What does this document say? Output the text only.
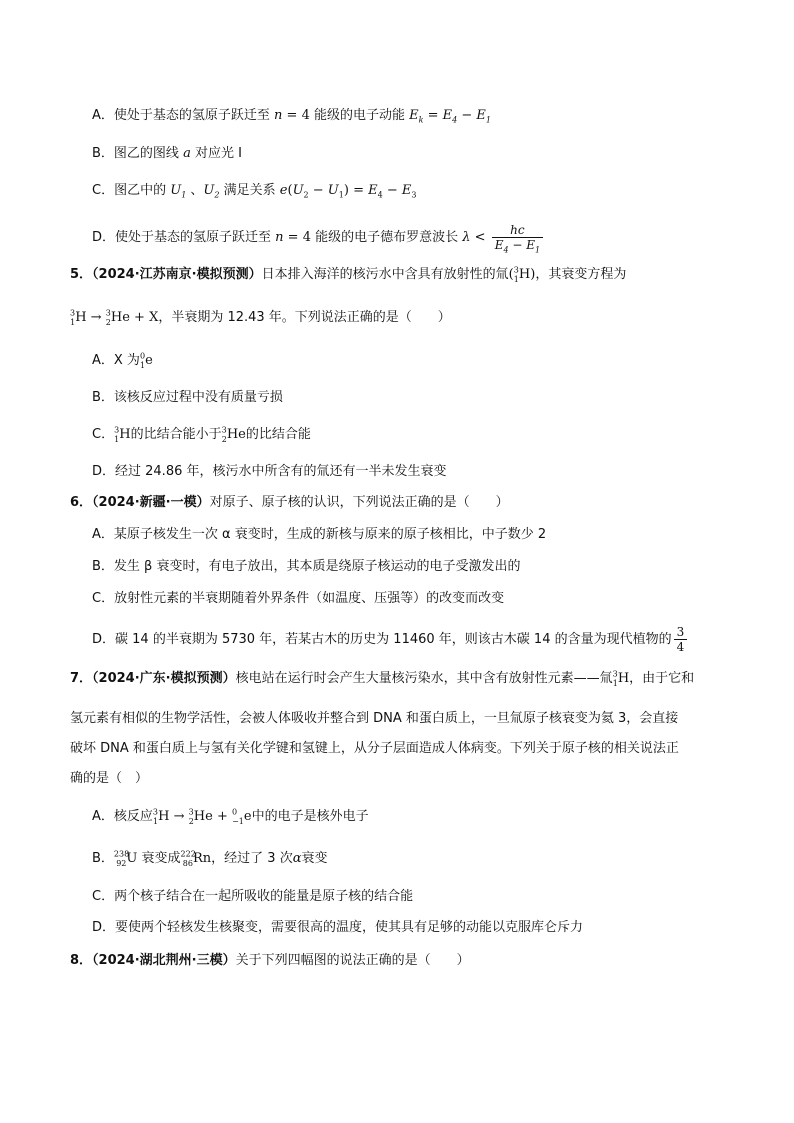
A．使处于基态的氢原子跃迁至 n = 4 能级的电子动能 $E_k = E_4 - E_1$
B．图乙的图线 a 对应光 Ⅰ
C．图乙中的 $U_1$ 、$U_2$ 满足关系 $e(U_2 - U_1) = E_4 - E_3$
D．使处于基态的氢原子跃迁至 n = 4 能级的电子德布罗意波长 $\lambda < \frac{hc}{E_4 - E_1}$
5．（2024·江苏南京·模拟预测）日本排入海洋的核污水中含具有放射性的氚($^3_1$H)，其衰变方程为
$^3_1$H → $^3_2$He + X，半衰期为 12.43 年。下列说法正确的是（　　）
A．X 为$^0_1$e
B．该核反应过程中没有质量亏损
C．$^3_1$H的比结合能小于$^3_2$He的比结合能
D．经过 24.86 年，核污水中所含有的氚还有一半未发生衰变
6．（2024·新疆·一模）对原子、原子核的认识，下列说法正确的是（　　）
A．某原子核发生一次 α 衰变时，生成的新核与原来的原子核相比，中子数少 2
B．发生 β 衰变时，有电子放出，其本质是绕原子核运动的电子受激发出的
C．放射性元素的半衰期随着外界条件（如温度、压强等）的改变而改变
D．碳 14 的半衰期为 5730 年，若某古木的历史为 11460 年，则该古木碳 14 的含量为现代植物的 $\frac{3}{4}$
7．（2024·广东·模拟预测）核电站在运行时会产生大量核污染水，其中含有放射性元素——氚$^3_1$H，由于它和
氢元素有相似的生物学活性，会被人体吸收并整合到 DNA 和蛋白质上，一旦氚原子核衰变为氦 3，会直接
破坏 DNA 和蛋白质上与氢有关化学键和氢键上，从分子层面造成人体病变。下列关于原子核的相关说法正
确的是（　）
A．核反应$^3_1$H → $^3_2$He + $^0_{-1}$e中的电子是核外电子
B．$^{238}_{92}$U 衰变成$^{222}_{86}$Rn，经过了 3 次α衰变
C．两个核子结合在一起所吸收的能量是原子核的结合能
D．要使两个轻核发生核聚变，需要很高的温度，使其具有足够的动能以克服库仑斥力
8．（2024·湖北荆州·三模）关于下列四幅图的说法正确的是（　　）
